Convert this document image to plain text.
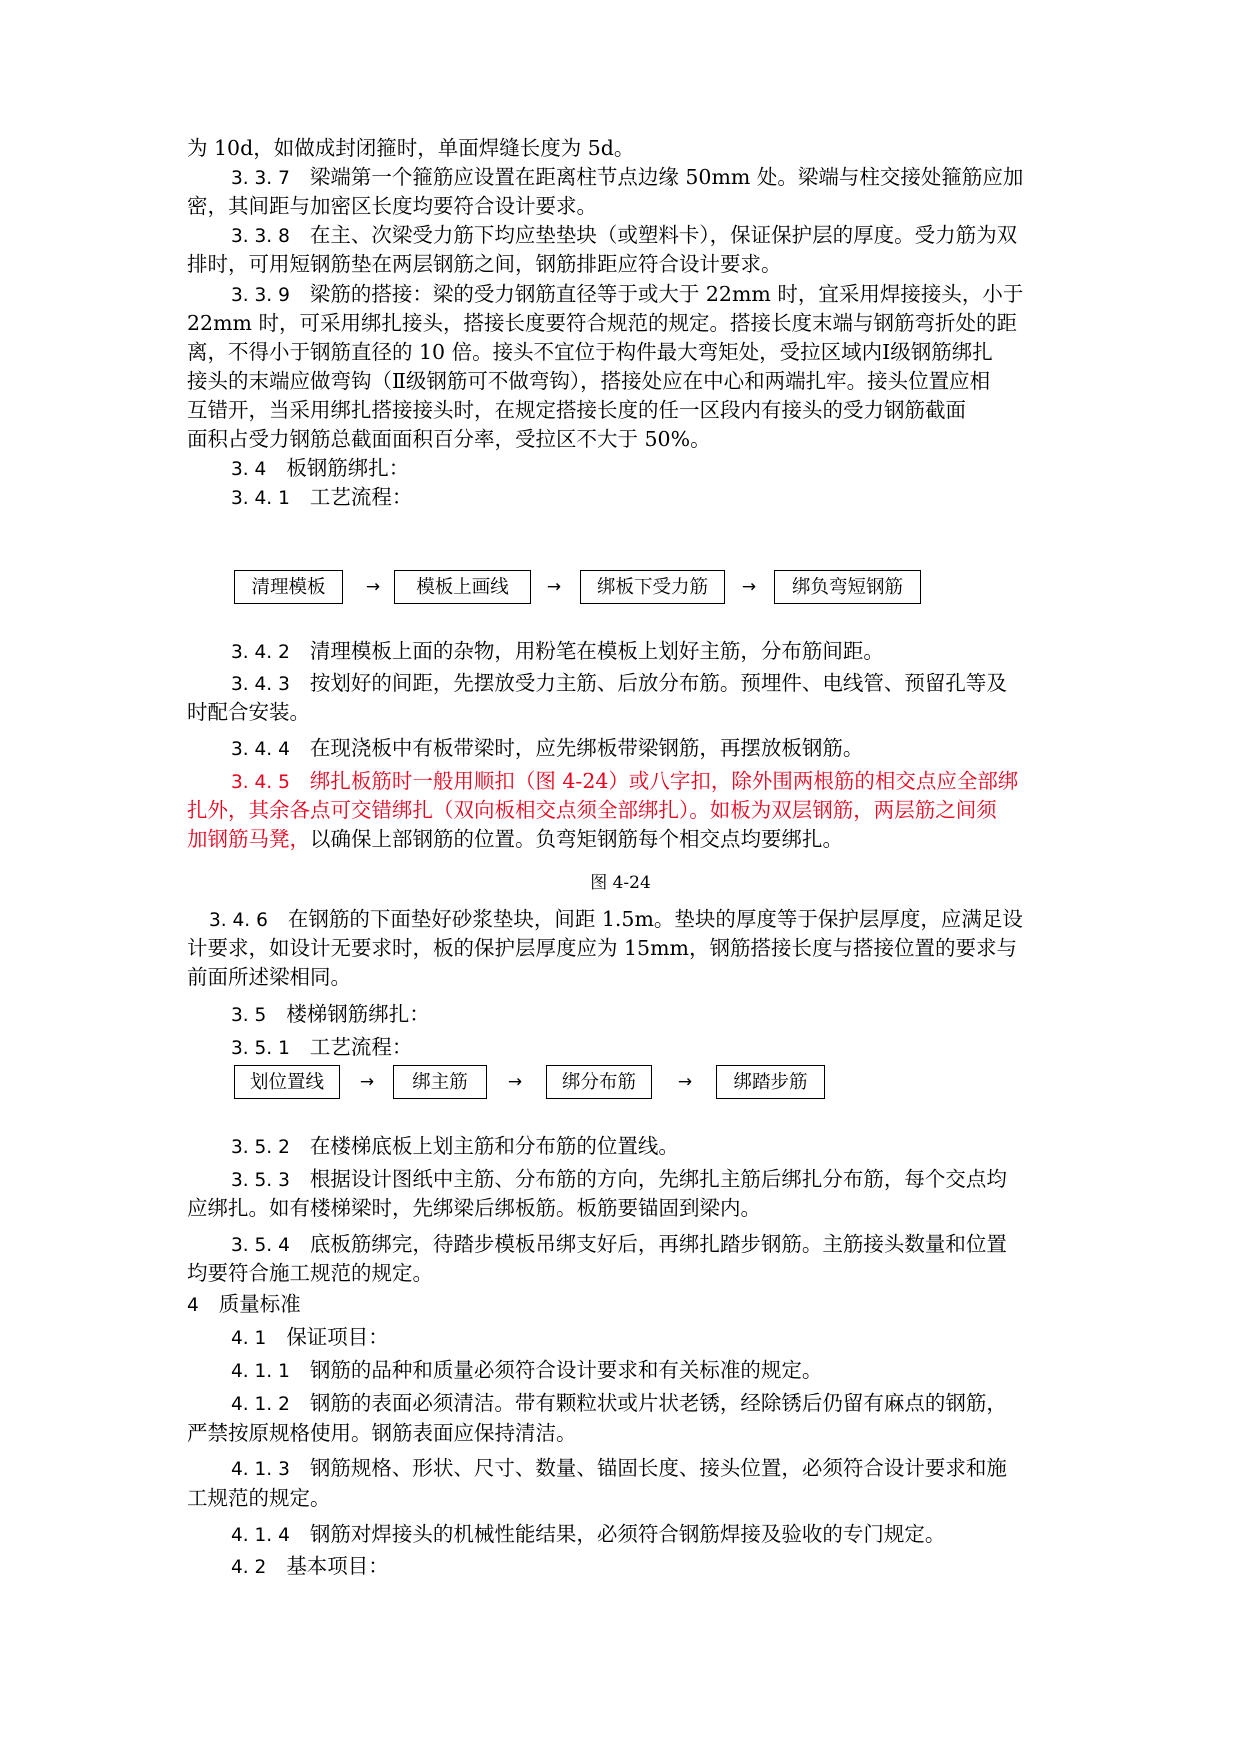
为 10d，如做成封闭箍时，单面焊缝长度为 5d。
3. 3. 7 梁端第一个箍筋应设置在距离柱节点边缘 50mm 处。梁端与柱交接处箍筋应加
密，其间距与加密区长度均要符合设计要求。
3. 3. 8 在主、次梁受力筋下均应垫垫块（或塑料卡），保证保护层的厚度。受力筋为双
排时，可用短钢筋垫在两层钢筋之间，钢筋排距应符合设计要求。
3. 3. 9 梁筋的搭接：梁的受力钢筋直径等于或大于 22mm 时，宜采用焊接接头，小于
22mm 时，可采用绑扎接头，搭接长度要符合规范的规定。搭接长度末端与钢筋弯折处的距
离，不得小于钢筋直径的 10 倍。接头不宜位于构件最大弯矩处，受拉区域内Ⅰ级钢筋绑扎
接头的末端应做弯钩（Ⅱ级钢筋可不做弯钩），搭接处应在中心和两端扎牢。接头位置应相
互错开，当采用绑扎搭接接头时，在规定搭接长度的任一区段内有接头的受力钢筋截面
面积占受力钢筋总截面面积百分率，受拉区不大于 50%。
3. 4 板钢筋绑扎：
3. 4. 1 工艺流程：
清理模板	→	模板上画线	→	绑板下受力筋	→	绑负弯短钢筋
3. 4. 2 清理模板上面的杂物，用粉笔在模板上划好主筋，分布筋间距。
3. 4. 3 按划好的间距，先摆放受力主筋、后放分布筋。预埋件、电线管、预留孔等及
时配合安装。
3. 4. 4 在现浇板中有板带梁时，应先绑板带梁钢筋，再摆放板钢筋。
3. 4. 5 绑扎板筋时一般用顺扣（图 4-24）或八字扣，除外围两根筋的相交点应全部绑
扎外，其余各点可交错绑扎（双向板相交点须全部绑扎）。如板为双层钢筋，两层筋之间须
加钢筋马凳，以确保上部钢筋的位置。负弯矩钢筋每个相交点均要绑扎。
图 4-24
3. 4. 6 在钢筋的下面垫好砂浆垫块，间距 1.5m。垫块的厚度等于保护层厚度，应满足设
计要求，如设计无要求时，板的保护层厚度应为 15mm，钢筋搭接长度与搭接位置的要求与
前面所述梁相同。
3. 5 楼梯钢筋绑扎：
3. 5. 1 工艺流程：
划位置线	→	绑主筋	→	绑分布筋	→	绑踏步筋
3. 5. 2 在楼梯底板上划主筋和分布筋的位置线。
3. 5. 3 根据设计图纸中主筋、分布筋的方向，先绑扎主筋后绑扎分布筋，每个交点均
应绑扎。如有楼梯梁时，先绑梁后绑板筋。板筋要锚固到梁内。
3. 5. 4 底板筋绑完，待踏步模板吊绑支好后，再绑扎踏步钢筋。主筋接头数量和位置
均要符合施工规范的规定。
4 质量标准
4. 1 保证项目：
4. 1. 1 钢筋的品种和质量必须符合设计要求和有关标准的规定。
4. 1. 2 钢筋的表面必须清洁。带有颗粒状或片状老锈，经除锈后仍留有麻点的钢筋，
严禁按原规格使用。钢筋表面应保持清洁。
4. 1. 3 钢筋规格、形状、尺寸、数量、锚固长度、接头位置，必须符合设计要求和施
工规范的规定。
4. 1. 4 钢筋对焊接头的机械性能结果，必须符合钢筋焊接及验收的专门规定。
4. 2 基本项目：
